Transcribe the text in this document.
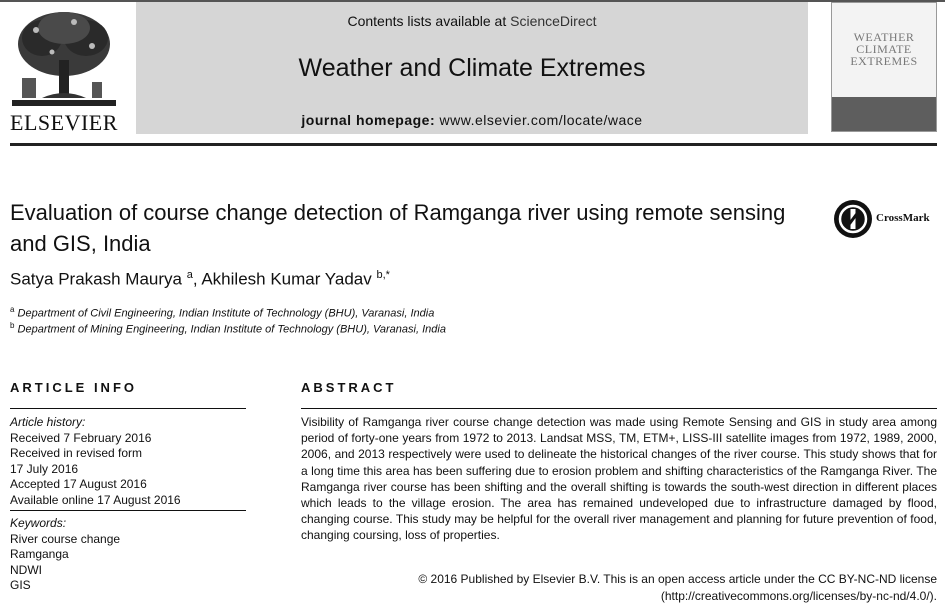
ELSEVIER
Contents lists available at ScienceDirect
Weather and Climate Extremes
journal homepage: www.elsevier.com/locate/wace
WEATHER
CLIMATE
EXTREMES
Evaluation of course change detection of Ramganga river using remote sensing and GIS, India
CrossMark
Satya Prakash Maurya $^a$, Akhilesh Kumar Yadav $^{b,*}$
$^a$ Department of Civil Engineering, Indian Institute of Technology (BHU), Varanasi, India
$^b$ Department of Mining Engineering, Indian Institute of Technology (BHU), Varanasi, India
ARTICLE INFO
Article history:
Received 7 February 2016
Received in revised form
17 July 2016
Accepted 17 August 2016
Available online 17 August 2016
Keywords:
River course change
Ramganga
NDWI
GIS
ABSTRACT
Visibility of Ramganga river course change detection was made using Remote Sensing and GIS in study area among period of forty-one years from 1972 to 2013. Landsat MSS, TM, ETM+, LISS-III satellite images from 1972, 1989, 2000, 2006, and 2013 respectively were used to delineate the historical changes of the river course. This study shows that for a long time this area has been suffering due to erosion problem and shifting characteristics of the Ramganga River. The Ramganga river course has been shifting and the overall shifting is towards the south-west direction in different places which leads to the village erosion. The area has remained undeveloped due to infrastructure damaged by flood, changing course. This study may be helpful for the overall river management and planning for future prevention of food, changing coursing, loss of properties.
© 2016 Published by Elsevier B.V. This is an open access article under the CC BY-NC-ND license
(http://creativecommons.org/licenses/by-nc-nd/4.0/).
